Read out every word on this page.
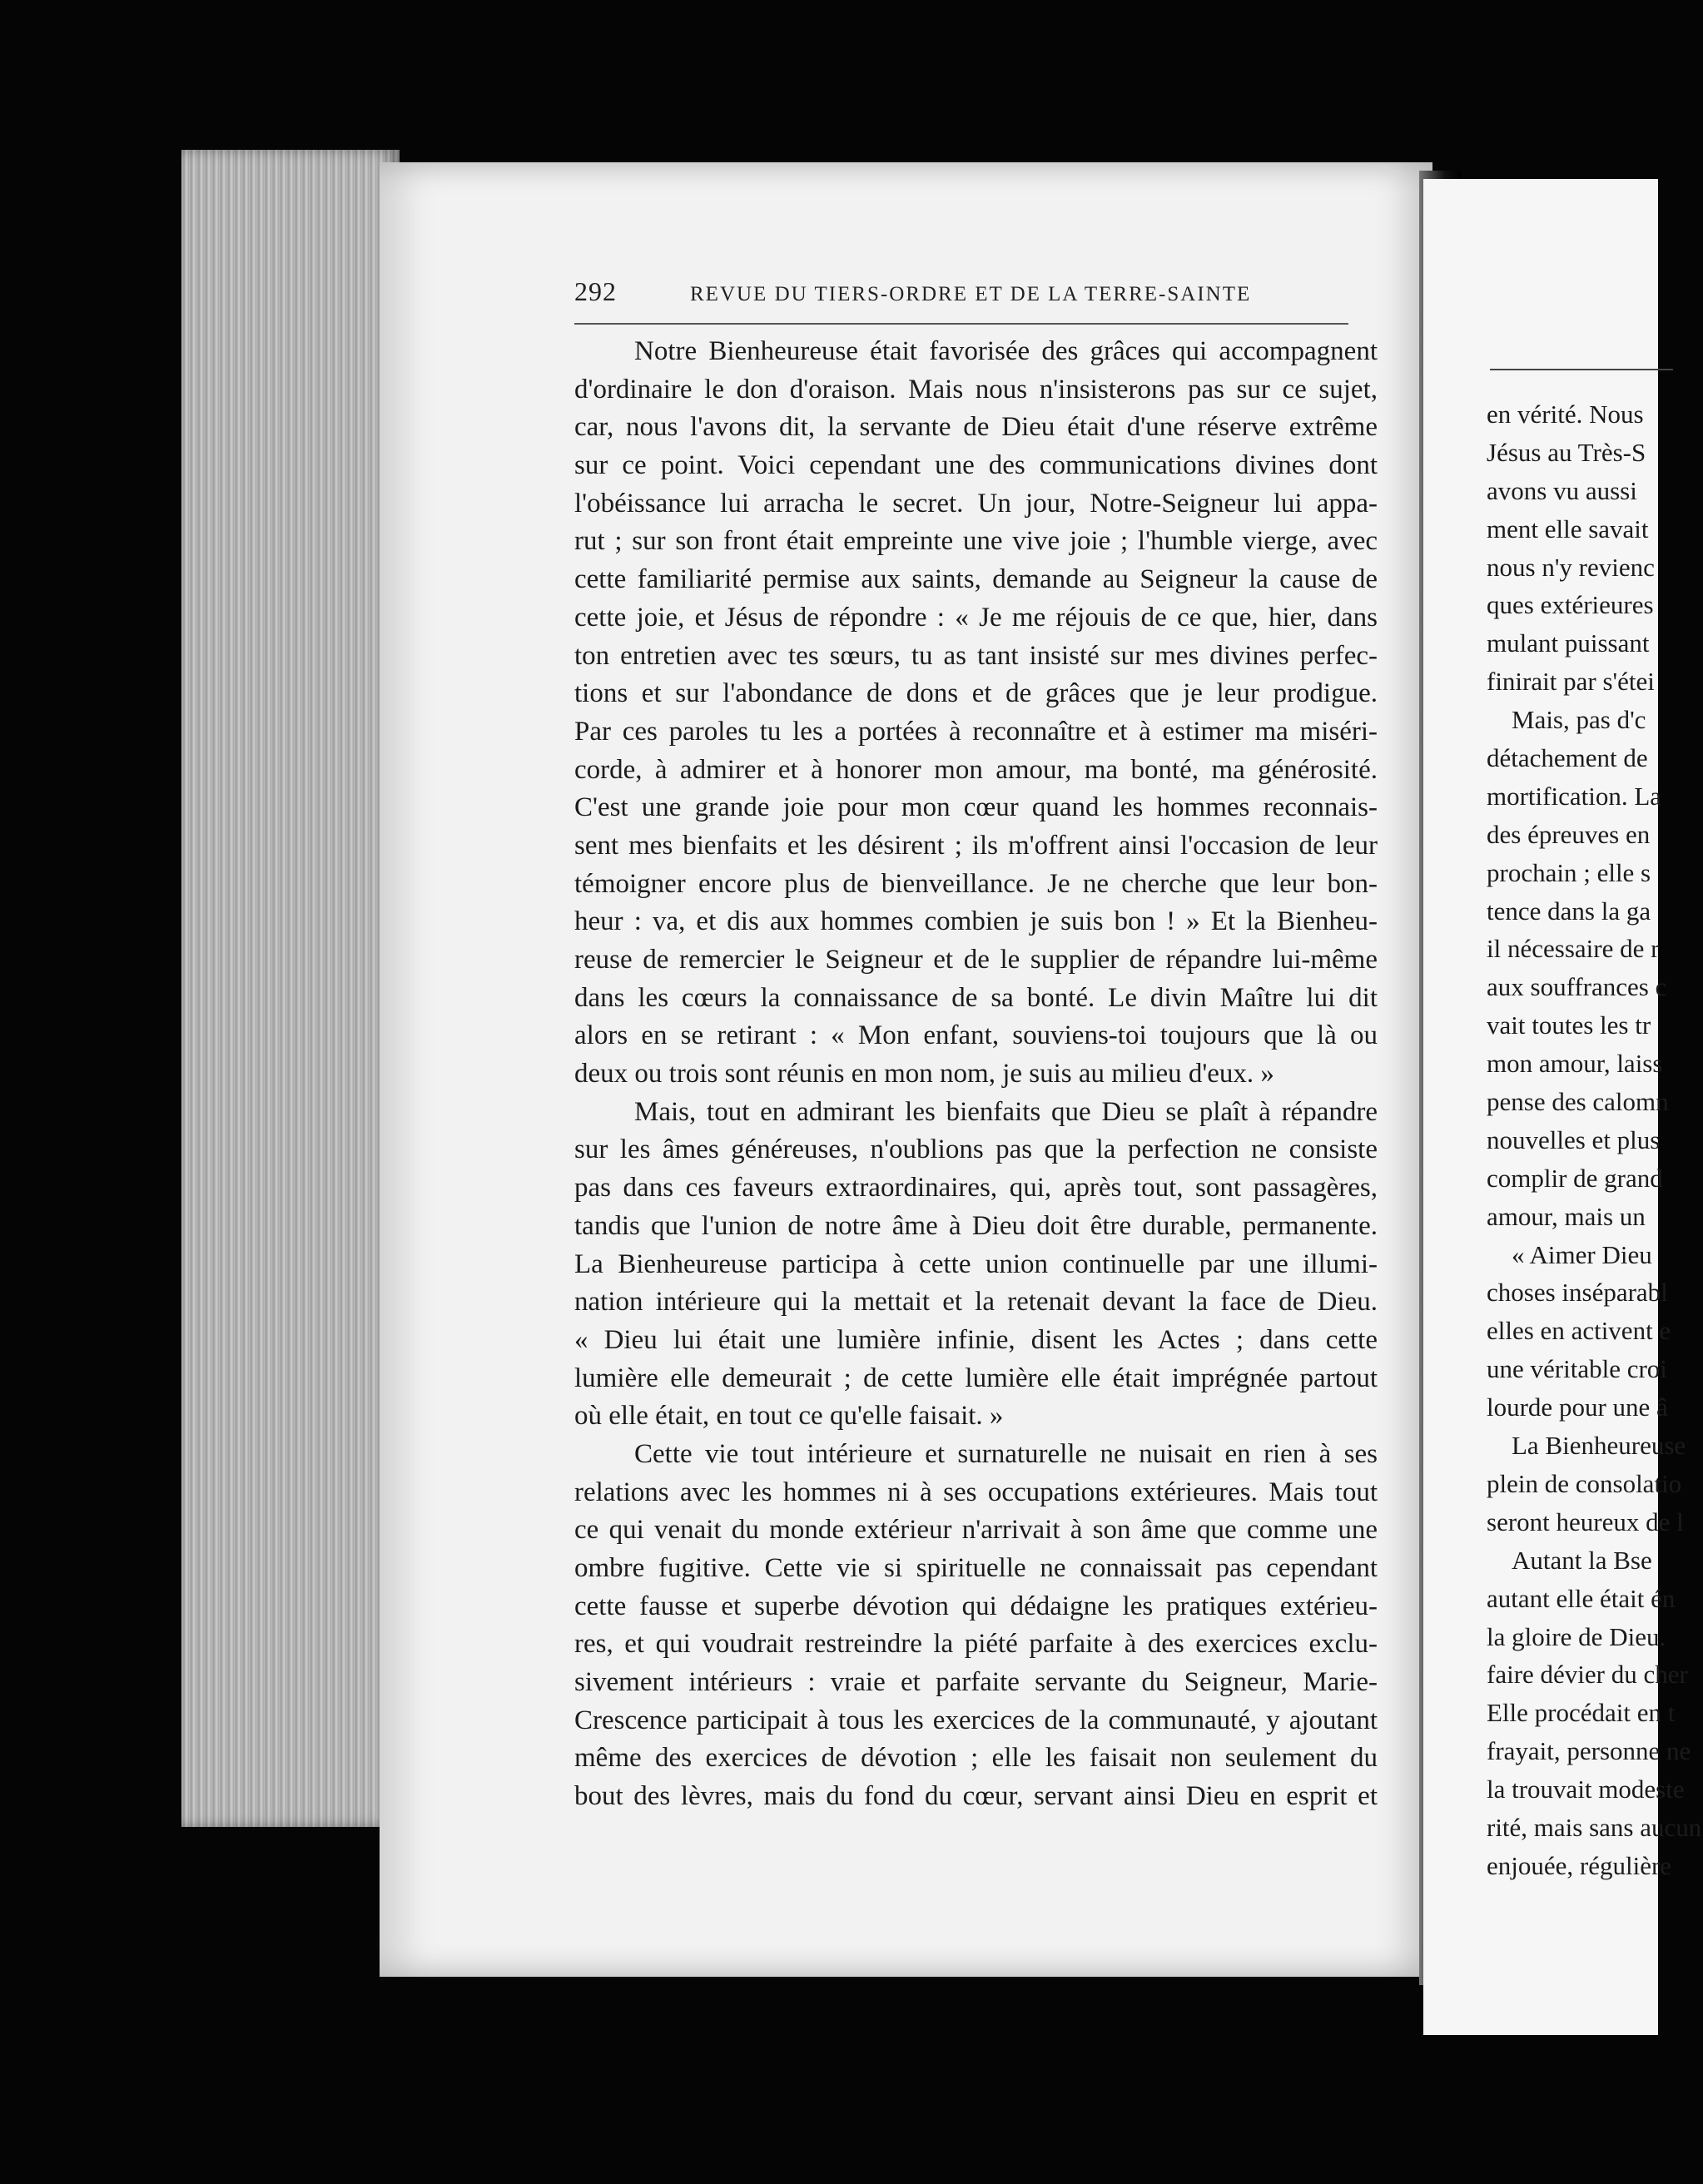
292	REVUE DU TIERS-ORDRE ET DE LA TERRE-SAINTE
Notre Bienheureuse était favorisée des grâces qui accompagnent
d'ordinaire le don d'oraison. Mais nous n'insisterons pas sur ce sujet,
car, nous l'avons dit, la servante de Dieu était d'une réserve extrême
sur ce point. Voici cependant une des communications divines dont
l'obéissance lui arracha le secret. Un jour, Notre-Seigneur lui appa-
rut ; sur son front était empreinte une vive joie ; l'humble vierge, avec
cette familiarité permise aux saints, demande au Seigneur la cause de
cette joie, et Jésus de répondre : « Je me réjouis de ce que, hier, dans
ton entretien avec tes sœurs, tu as tant insisté sur mes divines perfec-
tions et sur l'abondance de dons et de grâces que je leur prodigue.
Par ces paroles tu les a portées à reconnaître et à estimer ma miséri-
corde, à admirer et à honorer mon amour, ma bonté, ma générosité.
C'est une grande joie pour mon cœur quand les hommes reconnais-
sent mes bienfaits et les désirent ; ils m'offrent ainsi l'occasion de leur
témoigner encore plus de bienveillance. Je ne cherche que leur bon-
heur : va, et dis aux hommes combien je suis bon ! » Et la Bienheu-
reuse de remercier le Seigneur et de le supplier de répandre lui-même
dans les cœurs la connaissance de sa bonté. Le divin Maître lui dit
alors en se retirant : « Mon enfant, souviens-toi toujours que là ou
deux ou trois sont réunis en mon nom, je suis au milieu d'eux. »
Mais, tout en admirant les bienfaits que Dieu se plaît à répandre
sur les âmes généreuses, n'oublions pas que la perfection ne consiste
pas dans ces faveurs extraordinaires, qui, après tout, sont passagères,
tandis que l'union de notre âme à Dieu doit être durable, permanente.
La Bienheureuse participa à cette union continuelle par une illumi-
nation intérieure qui la mettait et la retenait devant la face de Dieu.
« Dieu lui était une lumière infinie, disent les Actes ; dans cette
lumière elle demeurait ; de cette lumière elle était imprégnée partout
où elle était, en tout ce qu'elle faisait. »
Cette vie tout intérieure et surnaturelle ne nuisait en rien à ses
relations avec les hommes ni à ses occupations extérieures. Mais tout
ce qui venait du monde extérieur n'arrivait à son âme que comme une
ombre fugitive. Cette vie si spirituelle ne connaissait pas cependant
cette fausse et superbe dévotion qui dédaigne les pratiques extérieu-
res, et qui voudrait restreindre la piété parfaite à des exercices exclu-
sivement intérieurs : vraie et parfaite servante du Seigneur, Marie-
Crescence participait à tous les exercices de la communauté, y ajoutant
même des exercices de dévotion ; elle les faisait non seulement du
bout des lèvres, mais du fond du cœur, servant ainsi Dieu en esprit et
en vérité. Nous
Jésus au Très-S
avons vu aussi
ment elle savait
nous n'y revienc
ques extérieures
mulant puissant
finirait par s'étei
Mais, pas d'c
détachement de
mortification. La
des épreuves en
prochain ; elle s
tence dans la ga
il nécessaire de r
aux souffrances c
vait toutes les tr
mon amour, laiss
pense des calomn
nouvelles et plus
complir de grand
amour, mais un
« Aimer Dieu
choses inséparabl
elles en activent e
une véritable croi
lourde pour une â
La Bienheureuse
plein de consolatio
seront heureux de l
Autant la Bse
autant elle était én
la gloire de Dieu.
faire dévier du cher
Elle procédait en t
frayait, personne ne
la trouvait modeste
rité, mais sans aucun
enjouée, régulière
